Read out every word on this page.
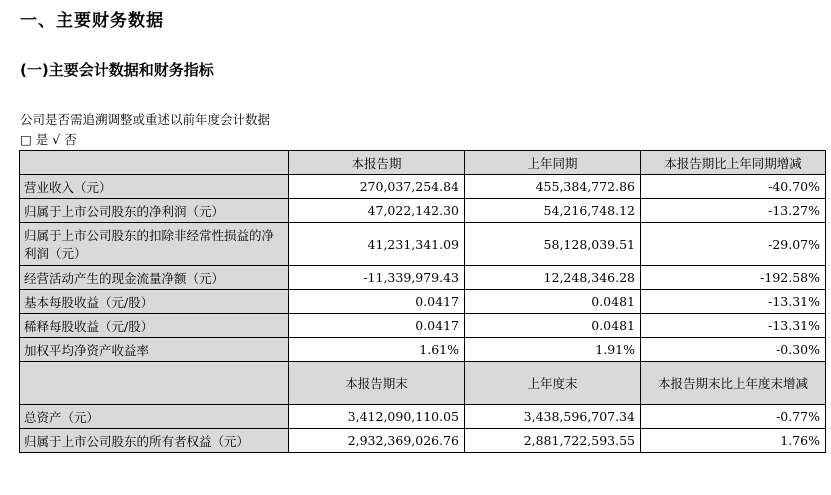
一、主要财务数据
(一)主要会计数据和财务指标
公司是否需追溯调整或重述以前年度会计数据
□ 是 √ 否
	本报告期	上年同期	本报告期比上年同期增减
营业收入（元）	270,037,254.84	455,384,772.86	-40.70%
归属于上市公司股东的净利润（元）	47,022,142.30	54,216,748.12	-13.27%
归属于上市公司股东的扣除非经常性损益的净利润（元）	41,231,341.09	58,128,039.51	-29.07%
经营活动产生的现金流量净额（元）	-11,339,979.43	12,248,346.28	-192.58%
基本每股收益（元/股）	0.0417	0.0481	-13.31%
稀释每股收益（元/股）	0.0417	0.0481	-13.31%
加权平均净资产收益率	1.61%	1.91%	-0.30%
	本报告期末	上年度末	本报告期末比上年度末增减
总资产（元）	3,412,090,110.05	3,438,596,707.34	-0.77%
归属于上市公司股东的所有者权益（元）	2,932,369,026.76	2,881,722,593.55	1.76%
